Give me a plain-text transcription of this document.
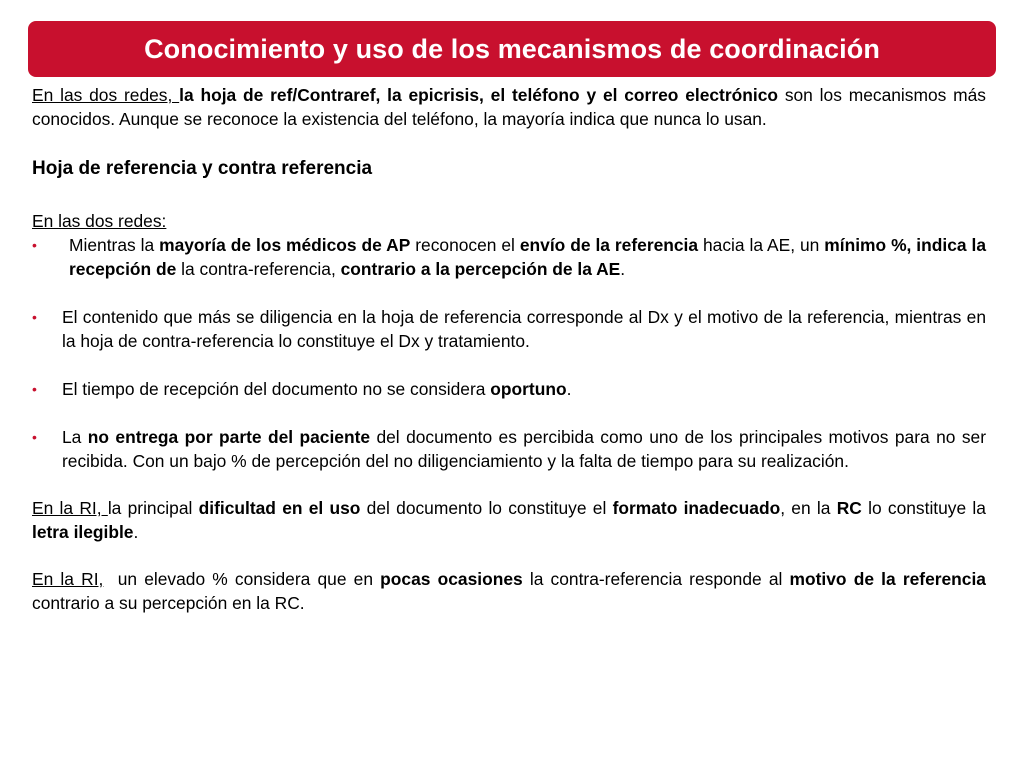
Conocimiento y uso de los mecanismos de coordinación

En las dos redes, la hoja de ref/Contraref, la epicrisis, el teléfono y el correo electrónico son los mecanismos más conocidos. Aunque se reconoce la existencia del teléfono, la mayoría indica que nunca lo usan.

Hoja de referencia y contra referencia

En las dos redes:

• Mientras la mayoría de los médicos de AP reconocen el envío de la referencia hacia la AE, un mínimo %, indica la recepción de la contra-referencia, contrario a la percepción de la AE.
• El contenido que más se diligencia en la hoja de referencia corresponde al Dx y el motivo de la referencia, mientras en la hoja de contra-referencia lo constituye el Dx y tratamiento.
• El tiempo de recepción del documento no se considera oportuno.
• La no entrega por parte del paciente del documento es percibida como uno de los principales motivos para no ser recibida. Con un bajo % de percepción del no diligenciamiento y la falta de tiempo para su realización.

En la RI, la principal dificultad en el uso del documento lo constituye el formato inadecuado, en la RC lo constituye la letra ilegible.

En la RI,  un elevado % considera que en pocas ocasiones la contra-referencia responde al motivo de la referencia contrario a su percepción en la RC.
